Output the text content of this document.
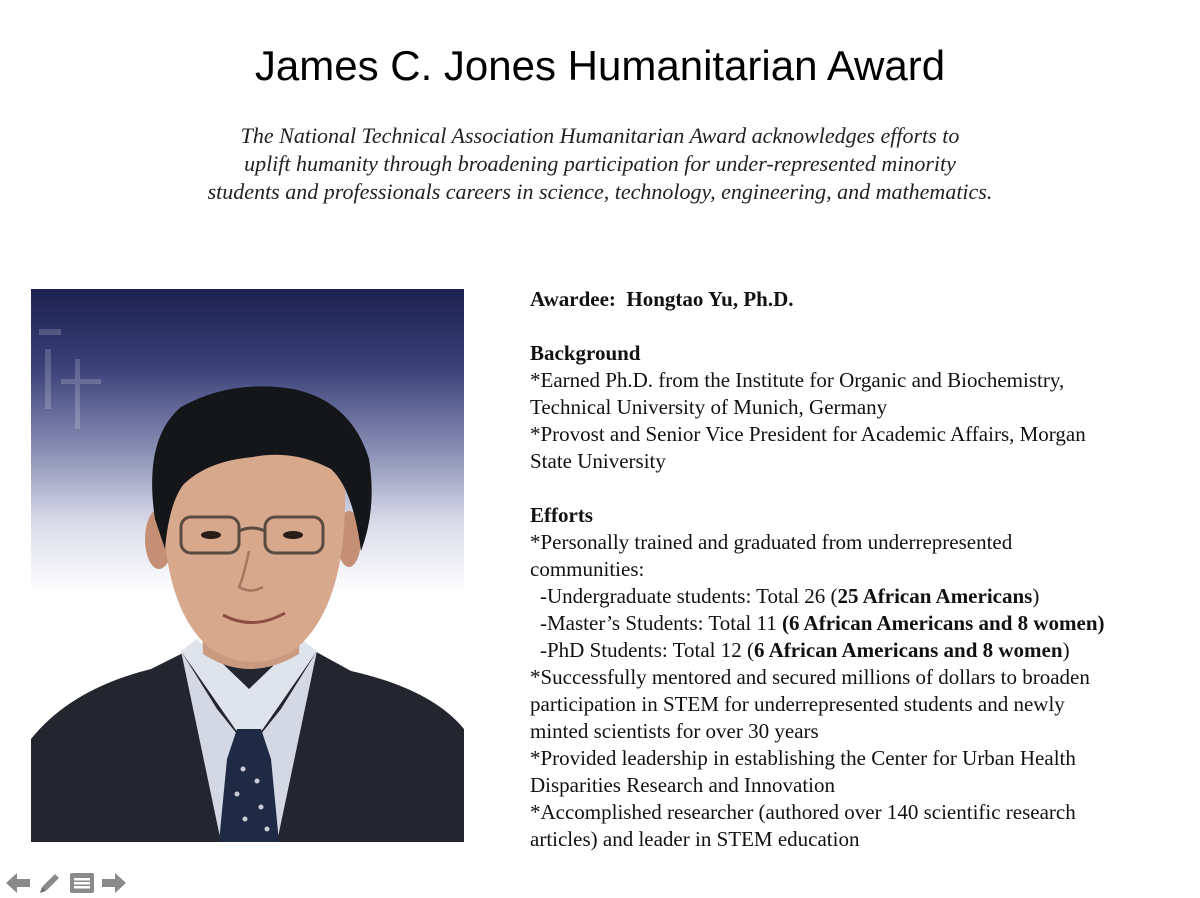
James C. Jones Humanitarian Award
The National Technical Association Humanitarian Award acknowledges efforts to
uplift humanity through broadening participation for under-represented minority
students and professionals careers in science, technology, engineering, and mathematics.
Awardee: Hongtao Yu, Ph.D.
Background
*Earned Ph.D. from the Institute for Organic and Biochemistry,
Technical University of Munich, Germany
*Provost and Senior Vice President for Academic Affairs, Morgan
State University
Efforts
*Personally trained and graduated from underrepresented
communities:
-Undergraduate students: Total 26 (25 African Americans)
-Master’s Students: Total 11 (6 African Americans and 8 women)
-PhD Students: Total 12 (6 African Americans and 8 women)
*Successfully mentored and secured millions of dollars to broaden
participation in STEM for underrepresented students and newly
minted scientists for over 30 years
*Provided leadership in establishing the Center for Urban Health
Disparities Research and Innovation
*Accomplished researcher (authored over 140 scientific research
articles) and leader in STEM education
